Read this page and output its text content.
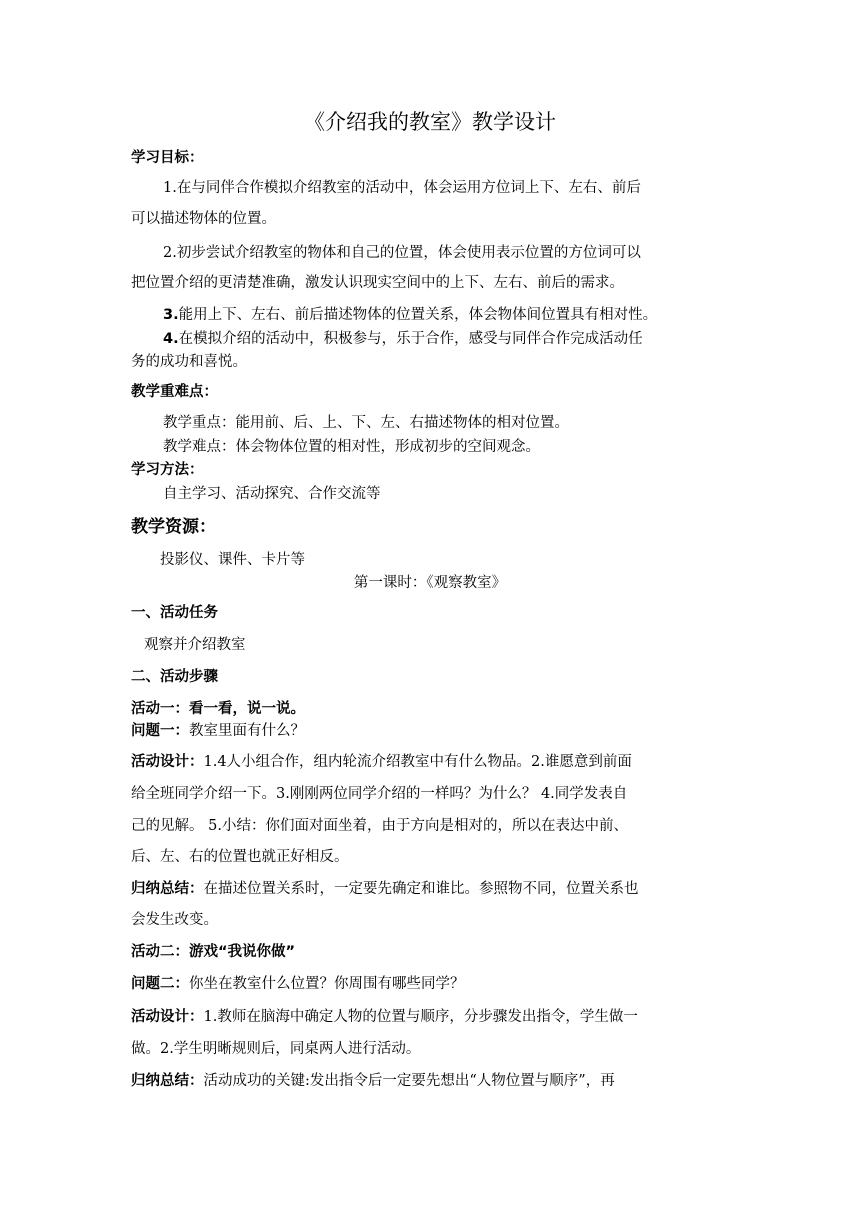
《介绍我的教室》教学设计
学习目标：
1.在与同伴合作模拟介绍教室的活动中，体会运用方位词上下、左右、前后
可以描述物体的位置。
2.初步尝试介绍教室的物体和自己的位置，体会使用表示位置的方位词可以
把位置介绍的更清楚准确，激发认识现实空间中的上下、左右、前后的需求。
3.能用上下、左右、前后描述物体的位置关系，体会物体间位置具有相对性。
4.在模拟介绍的活动中，积极参与，乐于合作，感受与同伴合作完成活动任
务的成功和喜悦。
教学重难点：
教学重点：能用前、后、上、下、左、右描述物体的相对位置。
教学难点：体会物体位置的相对性，形成初步的空间观念。
学习方法：
自主学习、活动探究、合作交流等
教学资源：
投影仪、课件、卡片等
第一课时：《观察教室》
一、活动任务
观察并介绍教室
二、活动步骤
活动一：看一看，说一说。
问题一：教室里面有什么？
活动设计：1.4人小组合作，组内轮流介绍教室中有什么物品。2.谁愿意到前面
给全班同学介绍一下。3.刚刚两位同学介绍的一样吗？为什么？ 4.同学发表自
己的见解。 5.小结：你们面对面坐着，由于方向是相对的，所以在表达中前、
后、左、右的位置也就正好相反。
归纳总结：在描述位置关系时，一定要先确定和谁比。参照物不同，位置关系也
会发生改变。
活动二：游戏“我说你做”
问题二：你坐在教室什么位置？你周围有哪些同学？
活动设计：1.教师在脑海中确定人物的位置与顺序，分步骤发出指令，学生做一
做。2.学生明晰规则后，同桌两人进行活动。
归纳总结：活动成功的关键:发出指令后一定要先想出“人物位置与顺序”，再
